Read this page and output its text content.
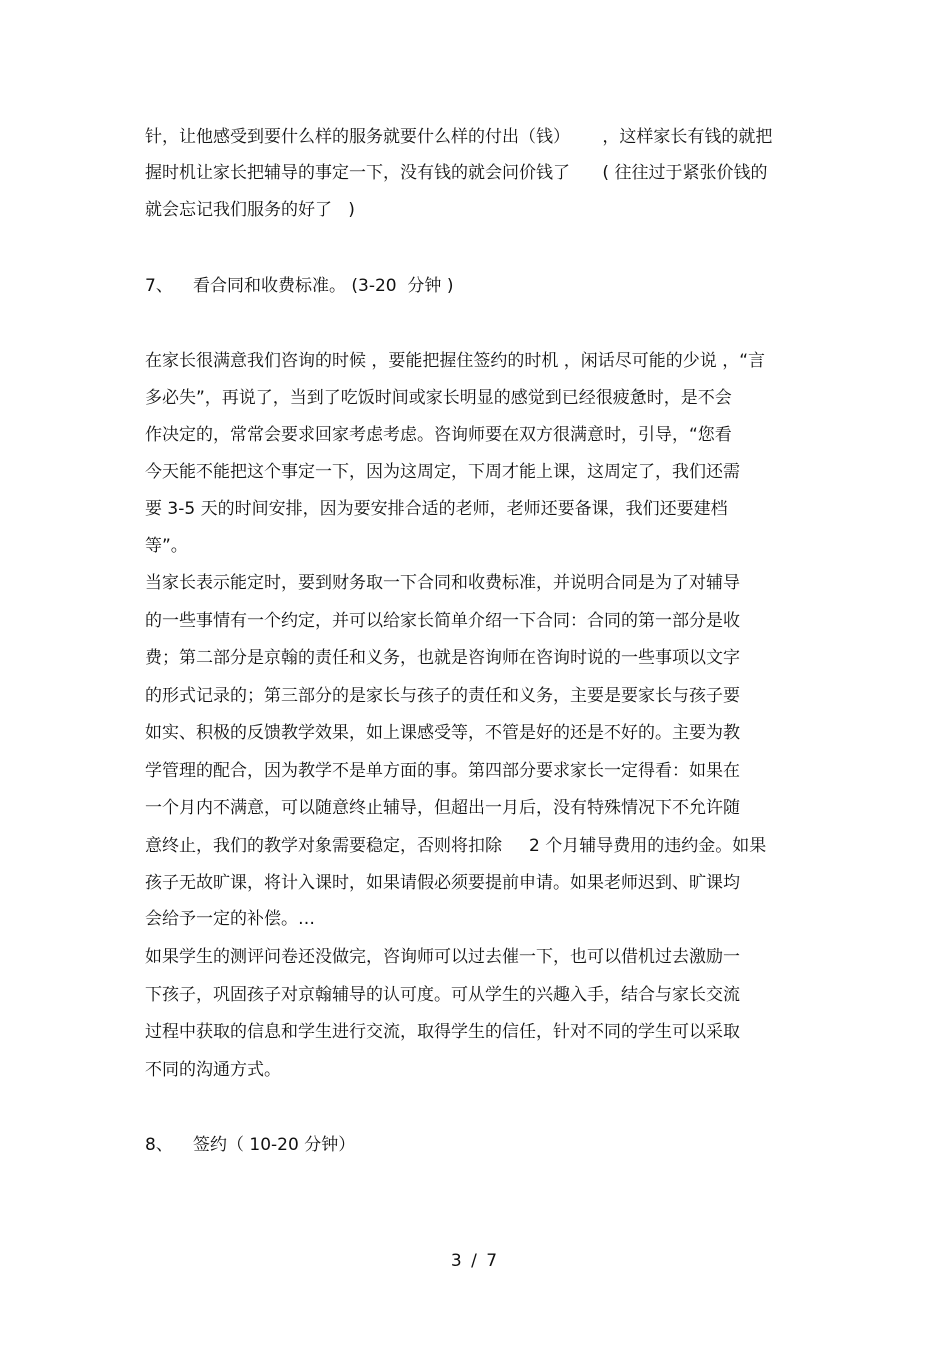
针，让他感受到要什么样的服务就要什么样的付出（钱）      ，这样家长有钱的就把
握时机让家长把辅导的事定一下，没有钱的就会问价钱了      ( 往往过于紧张价钱的
就会忘记我们服务的好了   )
7、 看合同和收费标准。 (3-20  分钟 )
在家长很满意我们咨询的时候 ，要能把握住签约的时机 ，闲话尽可能的少说 ，“言
多必失”，再说了，当到了吃饭时间或家长明显的感觉到已经很疲惫时，是不会
作决定的，常常会要求回家考虑考虑。咨询师要在双方很满意时，引导，“您看
今天能不能把这个事定一下，因为这周定，下周才能上课，这周定了，我们还需
要 3-5 天的时间安排，因为要安排合适的老师，老师还要备课，我们还要建档
等”。
当家长表示能定时，要到财务取一下合同和收费标准，并说明合同是为了对辅导
的一些事情有一个约定，并可以给家长简单介绍一下合同：合同的第一部分是收
费；第二部分是京翰的责任和义务，也就是咨询师在咨询时说的一些事项以文字
的形式记录的；第三部分的是家长与孩子的责任和义务，主要是要家长与孩子要
如实、积极的反馈教学效果，如上课感受等，不管是好的还是不好的。主要为教
学管理的配合，因为教学不是单方面的事。第四部分要求家长一定得看：如果在
一个月内不满意，可以随意终止辅导，但超出一月后，没有特殊情况下不允许随
意终止，我们的教学对象需要稳定，否则将扣除     2 个月辅导费用的违约金。如果
孩子无故旷课，将计入课时，如果请假必须要提前申请。如果老师迟到、旷课均
会给予一定的补偿。…
如果学生的测评问卷还没做完，咨询师可以过去催一下，也可以借机过去激励一
下孩子，巩固孩子对京翰辅导的认可度。可从学生的兴趣入手，结合与家长交流
过程中获取的信息和学生进行交流，取得学生的信任，针对不同的学生可以采取
不同的沟通方式。
8、 签约（ 10-20 分钟）
3 / 7
